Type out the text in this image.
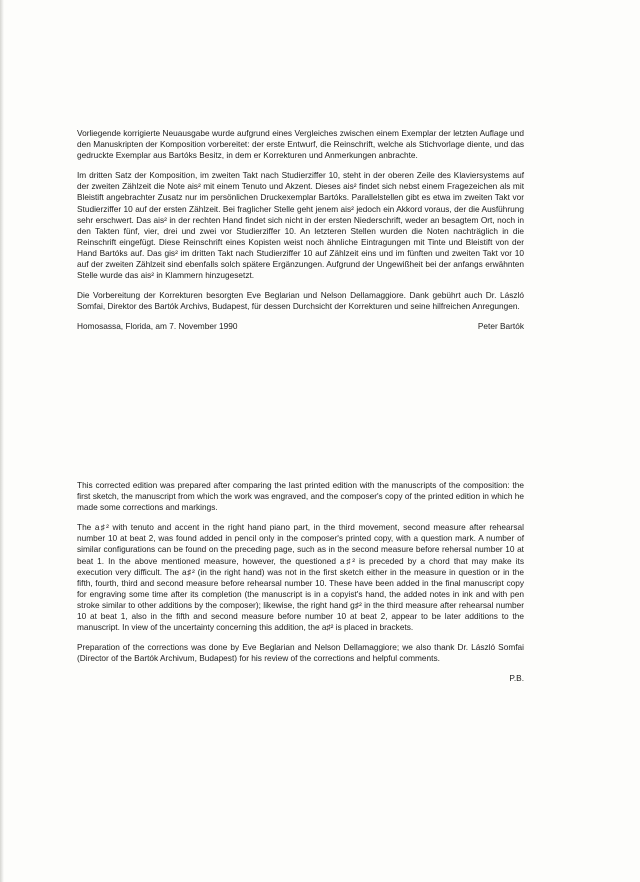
Vorliegende korrigierte Neuausgabe wurde aufgrund eines Vergleiches zwischen einem Exemplar der letzten Auflage und den Manuskripten der Komposition vorbereitet: der erste Entwurf, die Reinschrift, welche als Stichvorlage diente, und das gedruckte Exemplar aus Bartóks Besitz, in dem er Korrekturen und Anmerkungen anbrachte.

Im dritten Satz der Komposition, im zweiten Takt nach Studierziffer 10, steht in der oberen Zeile des Klaviersystems auf der zweiten Zählzeit die Note ais² mit einem Tenuto und Akzent. Dieses ais² findet sich nebst einem Fragezeichen als mit Bleistift angebrachter Zusatz nur im persönlichen Druckexemplar Bartóks. Parallelstellen gibt es etwa im zweiten Takt vor Studierziffer 10 auf der ersten Zählzeit. Bei fraglicher Stelle geht jenem ais² jedoch ein Akkord voraus, der die Ausführung sehr erschwert. Das ais² in der rechten Hand findet sich nicht in der ersten Niederschrift, weder an besagtem Ort, noch in den Takten fünf, vier, drei und zwei vor Studierziffer 10. An letzteren Stellen wurden die Noten nachträglich in die Reinschrift eingefügt. Diese Reinschrift eines Kopisten weist noch ähnliche Eintragungen mit Tinte und Bleistift von der Hand Bartóks auf. Das gis² im dritten Takt nach Studierziffer 10 auf Zählzeit eins und im fünften und zweiten Takt vor 10 auf der zweiten Zählzeit sind ebenfalls solch spätere Ergänzungen. Aufgrund der Ungewißheit bei der anfangs erwähnten Stelle wurde das ais² in Klammern hinzugesetzt.

Die Vorbereitung der Korrekturen besorgten Eve Beglarian und Nelson Dellamaggiore. Dank gebührt auch Dr. László Somfai, Direktor des Bartók Archivs, Budapest, für dessen Durchsicht der Korrekturen und seine hilfreichen Anregungen.

Homosassa, Florida, am 7. November 1990	Peter Bartók

This corrected edition was prepared after comparing the last printed edition with the manuscripts of the composition: the first sketch, the manuscript from which the work was engraved, and the composer's copy of the printed edition in which he made some corrections and markings.

The a♯² with tenuto and accent in the right hand piano part, in the third movement, second measure after rehearsal number 10 at beat 2, was found added in pencil only in the composer's printed copy, with a question mark. A number of similar configurations can be found on the preceding page, such as in the second measure before rehersal number 10 at beat 1. In the above mentioned measure, however, the questioned a♯² is preceded by a chord that may make its execution very difficult. The a♯² (in the right hand) was not in the first sketch either in the measure in question or in the fifth, fourth, third and second measure before rehearsal number 10. These have been added in the final manuscript copy for engraving some time after its completion (the manuscript is in a copyist's hand, the added notes in ink and with pen stroke similar to other additions by the composer); likewise, the right hand g♯² in the third measure after rehearsal number 10 at beat 1, also in the fifth and second measure before number 10 at beat 2, appear to be later additions to the manuscript. In view of the uncertainty concerning this addition, the a♯² is placed in brackets.

Preparation of the corrections was done by Eve Beglarian and Nelson Dellamaggiore; we also thank Dr. László Somfai (Director of the Bartók Archivum, Budapest) for his review of the corrections and helpful comments.

P.B.
